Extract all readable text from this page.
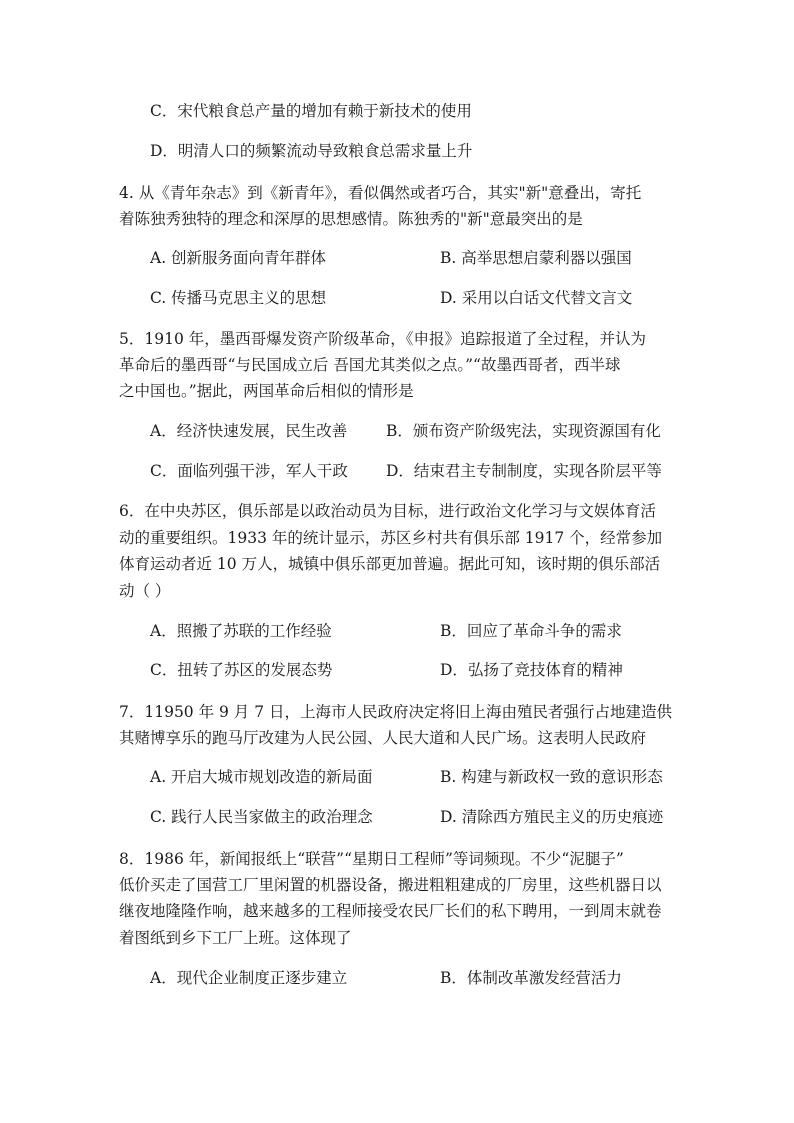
C．宋代粮食总产量的增加有赖于新技术的使用
D．明清人口的频繁流动导致粮食总需求量上升
4. 从《青年杂志》到《新青年》，看似偶然或者巧合，其实"新"意叠出，寄托
着陈独秀独特的理念和深厚的思想感情。陈独秀的"新"意最突出的是
A. 创新服务面向青年群体	B. 高举思想启蒙利器以强国
C. 传播马克思主义的思想	D. 采用以白话文代替文言文
5．1910 年，墨西哥爆发资产阶级革命，《申报》追踪报道了全过程，并认为
革命后的墨西哥“与民国成立后 吾国尤其类似之点。”“故墨西哥者，西半球
之中国也。”据此，两国革命后相似的情形是
A．经济快速发展，民生改善	B．颁布资产阶级宪法，实现资源国有化
C．面临列强干涉，军人干政 D．结束君主专制制度，实现各阶层平等
6．在中央苏区，俱乐部是以政治动员为目标，进行政治文化学习与文娱体育活
动的重要组织。1933 年的统计显示，苏区乡村共有俱乐部 1917 个，经常参加
体育运动者近 10 万人，城镇中俱乐部更加普遍。据此可知，该时期的俱乐部活
动（ ）
A．照搬了苏联的工作经验	B．回应了革命斗争的需求
C．扭转了苏区的发展态势	D．弘扬了竞技体育的精神
7．11950 年 9 月 7 日，上海市人民政府决定将旧上海由殖民者强行占地建造供
其赌博享乐的跑马厅改建为人民公园、人民大道和人民广场。这表明人民政府
A. 开启大城市规划改造的新局面	B. 构建与新政权一致的意识形态
C. 践行人民当家做主的政治理念	D. 清除西方殖民主义的历史痕迹
8．1986 年，新闻报纸上“联营”“星期日工程师”等词频现。不少“泥腿子”
低价买走了国营工厂里闲置的机器设备，搬进粗粗建成的厂房里，这些机器日以
继夜地隆隆作响，越来越多的工程师接受农民厂长们的私下聘用，一到周末就卷
着图纸到乡下工厂上班。这体现了
A．现代企业制度正逐步建立	B．体制改革激发经营活力
